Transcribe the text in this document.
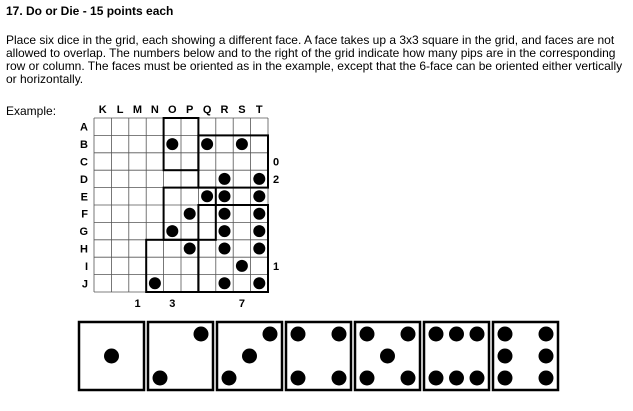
17. Do or Die - 15 points each
Place six dice in the grid, each showing a different face. A face takes up a 3x3 square in the grid, and faces are not allowed to overlap. The numbers below and to the right of the grid indicate how many pips are in the corresponding row or column. The faces must be oriented as in the example, except that the 6-face can be oriented either vertically or horizontally.
Example:	K L M N O P Q R S T
A
B
C
D
E
F
G
H
I
J
0
2
1
1	3	7
